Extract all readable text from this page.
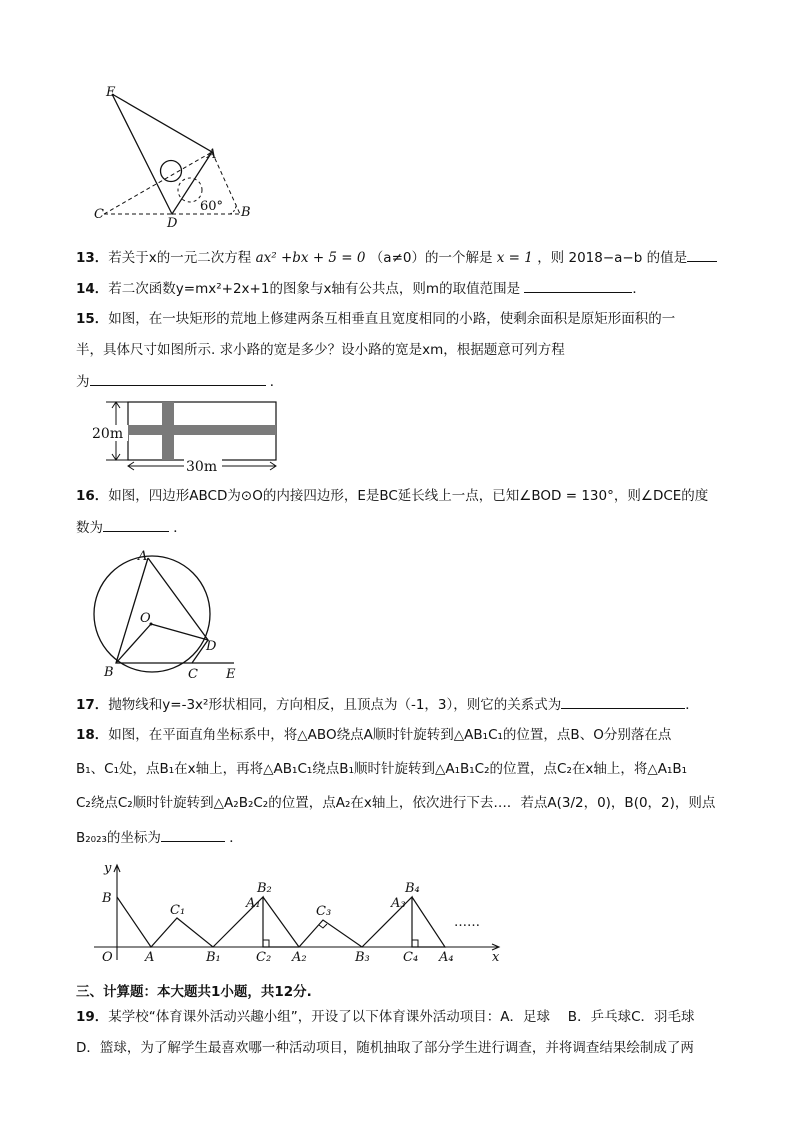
E
A
C
D
B
60°
13．若关于x的一元二次方程 ax² +bx + 5 = 0 （a≠0）的一个解是 x = 1 ，则 2018−a−b 的值是
14．若二次函数y=mx²+2x+1的图象与x轴有公共点，则m的取值范围是	．
15．如图，在一块矩形的荒地上修建两条互相垂直且宽度相同的小路，使剩余面积是原矩形面积的一
半，具体尺寸如图所示. 求小路的宽是多少？设小路的宽是xm，根据题意可列方程
为	．
20m
30m
16．如图，四边形ABCD为⊙O的内接四边形，E是BC延长线上一点，已知∠BOD = 130°，则∠DCE的度
数为	．
A
O
D
B	C E
17．抛物线和y=-3x²形状相同，方向相反，且顶点为（-1，3），则它的关系式为	．
18．如图，在平面直角坐标系中，将△ABO绕点A顺时针旋转到△AB₁C₁的位置，点B、O分别落在点
B₁、C₁处，点B₁在x轴上，再将△AB₁C₁绕点B₁顺时针旋转到△A₁B₁C₂的位置，点C₂在x轴上，将△A₁B₁
C₂绕点C₂顺时针旋转到△A₂B₂C₂的位置，点A₂在x轴上，依次进行下去…．若点A(3/2，0)，B(0，2)，则点
B₂₀₂₃的坐标为	．
y
x
B
O A
C₁
B₁
A₁
B₂
C₂ A₂
C₃
B₃
A₃
B₄
C₄ A₄
……
三、计算题：本大题共1小题，共12分.
19．某学校“体育课外活动兴趣小组”，开设了以下体育课外活动项目：A．足球　 B．乒乓球C．羽毛球
D．篮球，为了解学生最喜欢哪一种活动项目，随机抽取了部分学生进行调查，并将调查结果绘制成了两
